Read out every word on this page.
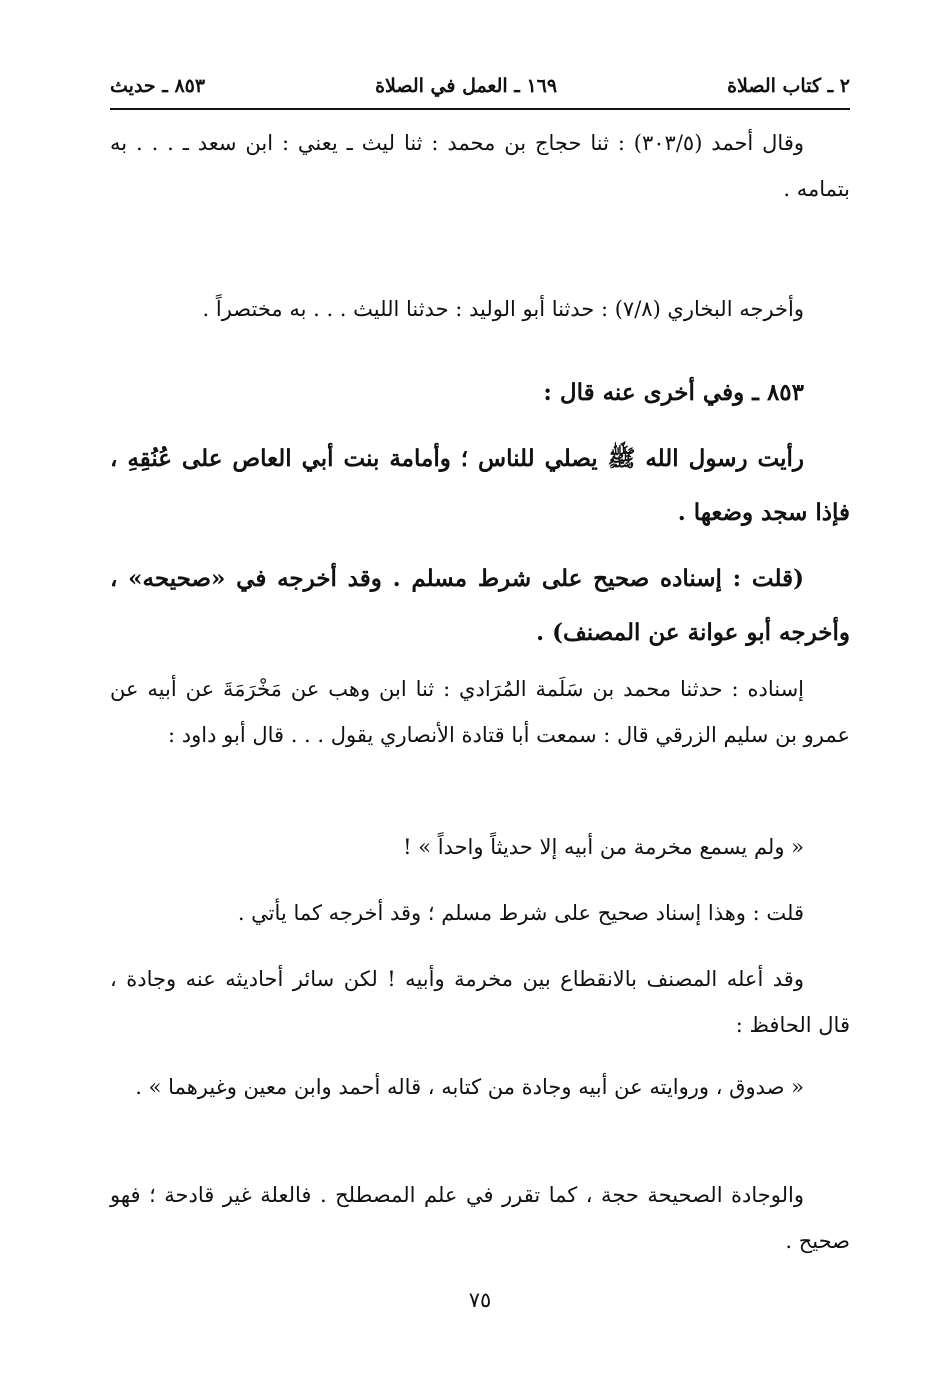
٢ ـ كتاب الصلاة
١٦٩ ـ العمل في الصلاة
٨٥٣ ـ حديث

وقال أحمد (٣٠٣/٥) : ثنا حجاج بن محمد : ثنا ليث ـ يعني : ابن سعد ـ . . . به بتمامه .

وأخرجه البخاري (٧/٨) : حدثنا أبو الوليد : حدثنا الليث . . . به مختصراً .

٨٥٣ ـ وفي أخرى عنه قال :

رأيت رسول الله ﷺ يصلي للناس ؛ وأمامة بنت أبي العاص على عُنُقِهِ ، فإذا سجد وضعها .

(قلت : إسناده صحيح على شرط مسلم . وقد أخرجه في «صحيحه» ، وأخرجه أبو عوانة عن المصنف) .

إسناده : حدثنا محمد بن سَلَمة المُرَادي : ثنا ابن وهب عن مَخْرَمَةَ عن أبيه عن عمرو بن سليم الزرقي قال : سمعت أبا قتادة الأنصاري يقول . . . قال أبو داود :

« ولم يسمع مخرمة من أبيه إلا حديثاً واحداً » !

قلت : وهذا إسناد صحيح على شرط مسلم ؛ وقد أخرجه كما يأتي .

وقد أعله المصنف بالانقطاع بين مخرمة وأبيه ! لكن سائر أحاديثه عنه وجادة ، قال الحافظ :

« صدوق ، وروايته عن أبيه وجادة من كتابه ، قاله أحمد وابن معين وغيرهما » .

والوجادة الصحيحة حجة ، كما تقرر في علم المصطلح . فالعلة غير قادحة ؛ فهو صحيح .

٧٥
